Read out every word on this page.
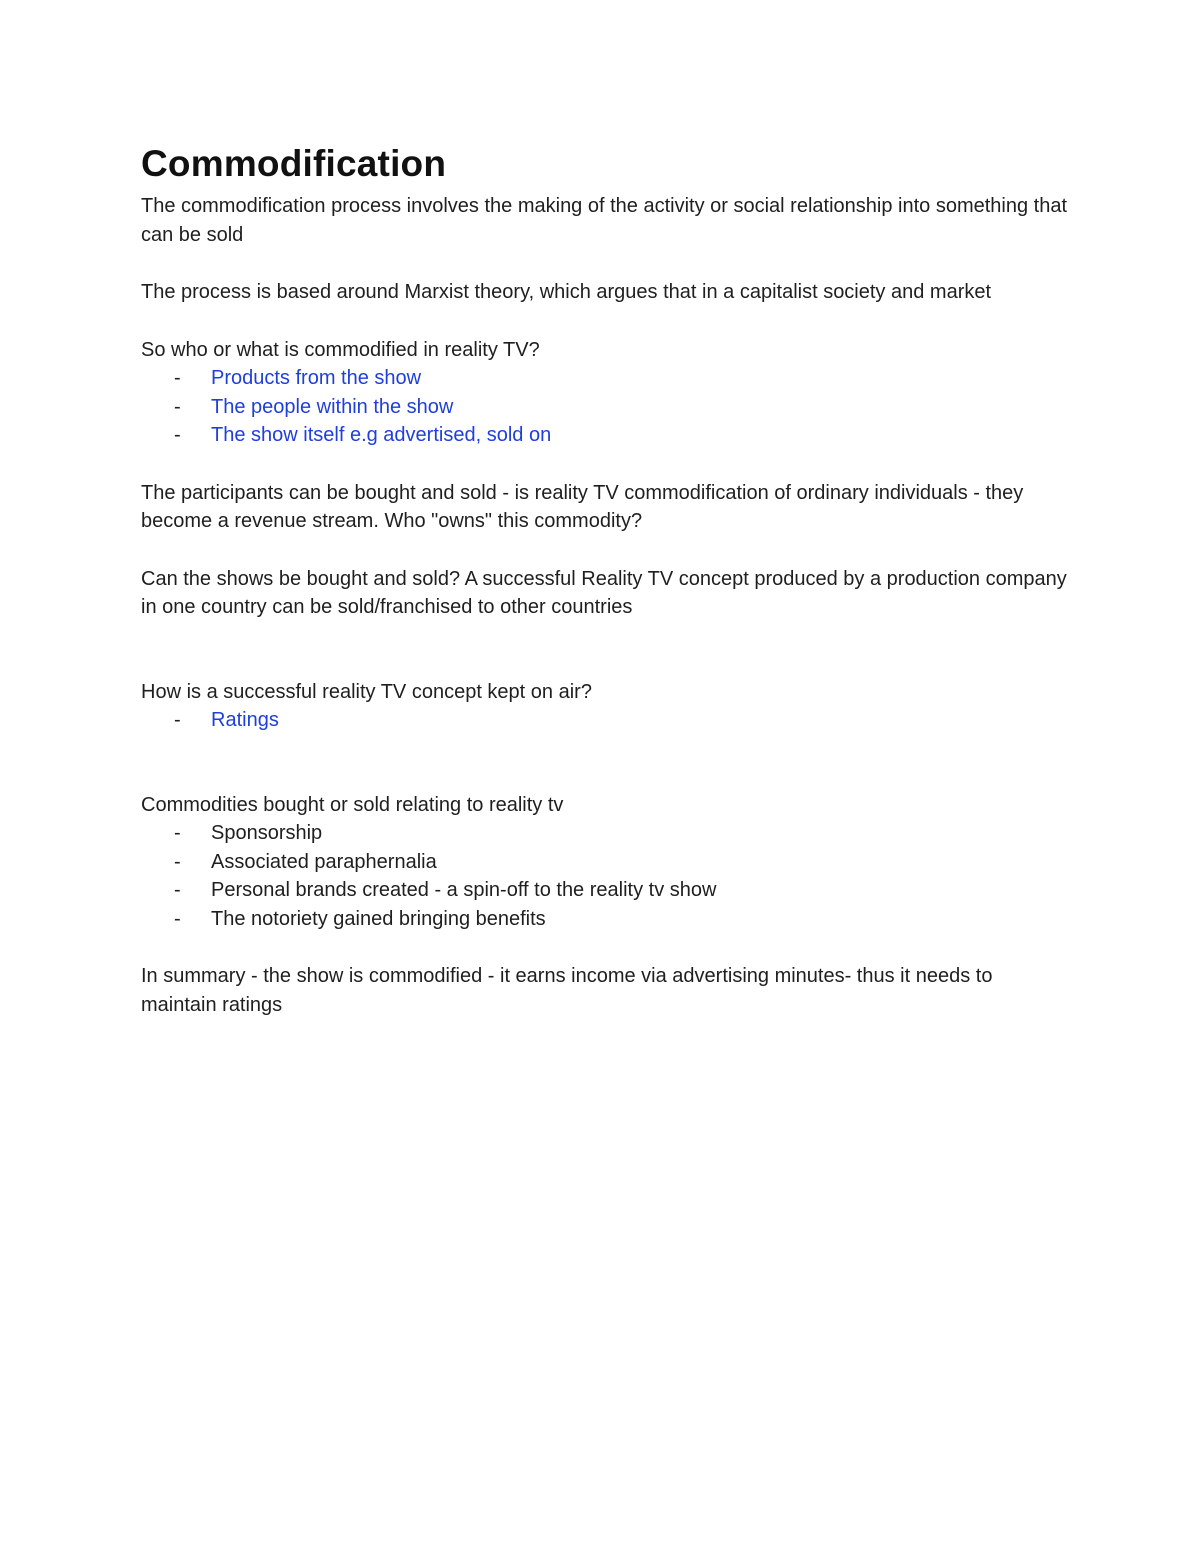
Commodification

The commodification process involves the making of the activity or social relationship into something that can be sold

The process is based around Marxist theory, which argues that in a capitalist society and market

So who or what is commodified in reality TV?

- Products from the show
- The people within the show
- The show itself e.g advertised, sold on

The participants can be bought and sold - is reality TV commodification of ordinary individuals - they become a revenue stream. Who "owns" this commodity?

Can the shows be bought and sold? A successful Reality TV concept produced by a production company in one country can be sold/franchised to other countries

How is a successful reality TV concept kept on air?

- Ratings

Commodities bought or sold relating to reality tv

- Sponsorship
- Associated paraphernalia
- Personal brands created - a spin-off to the reality tv show
- The notoriety gained bringing benefits

In summary - the show is commodified - it earns income via advertising minutes- thus it needs to maintain ratings
